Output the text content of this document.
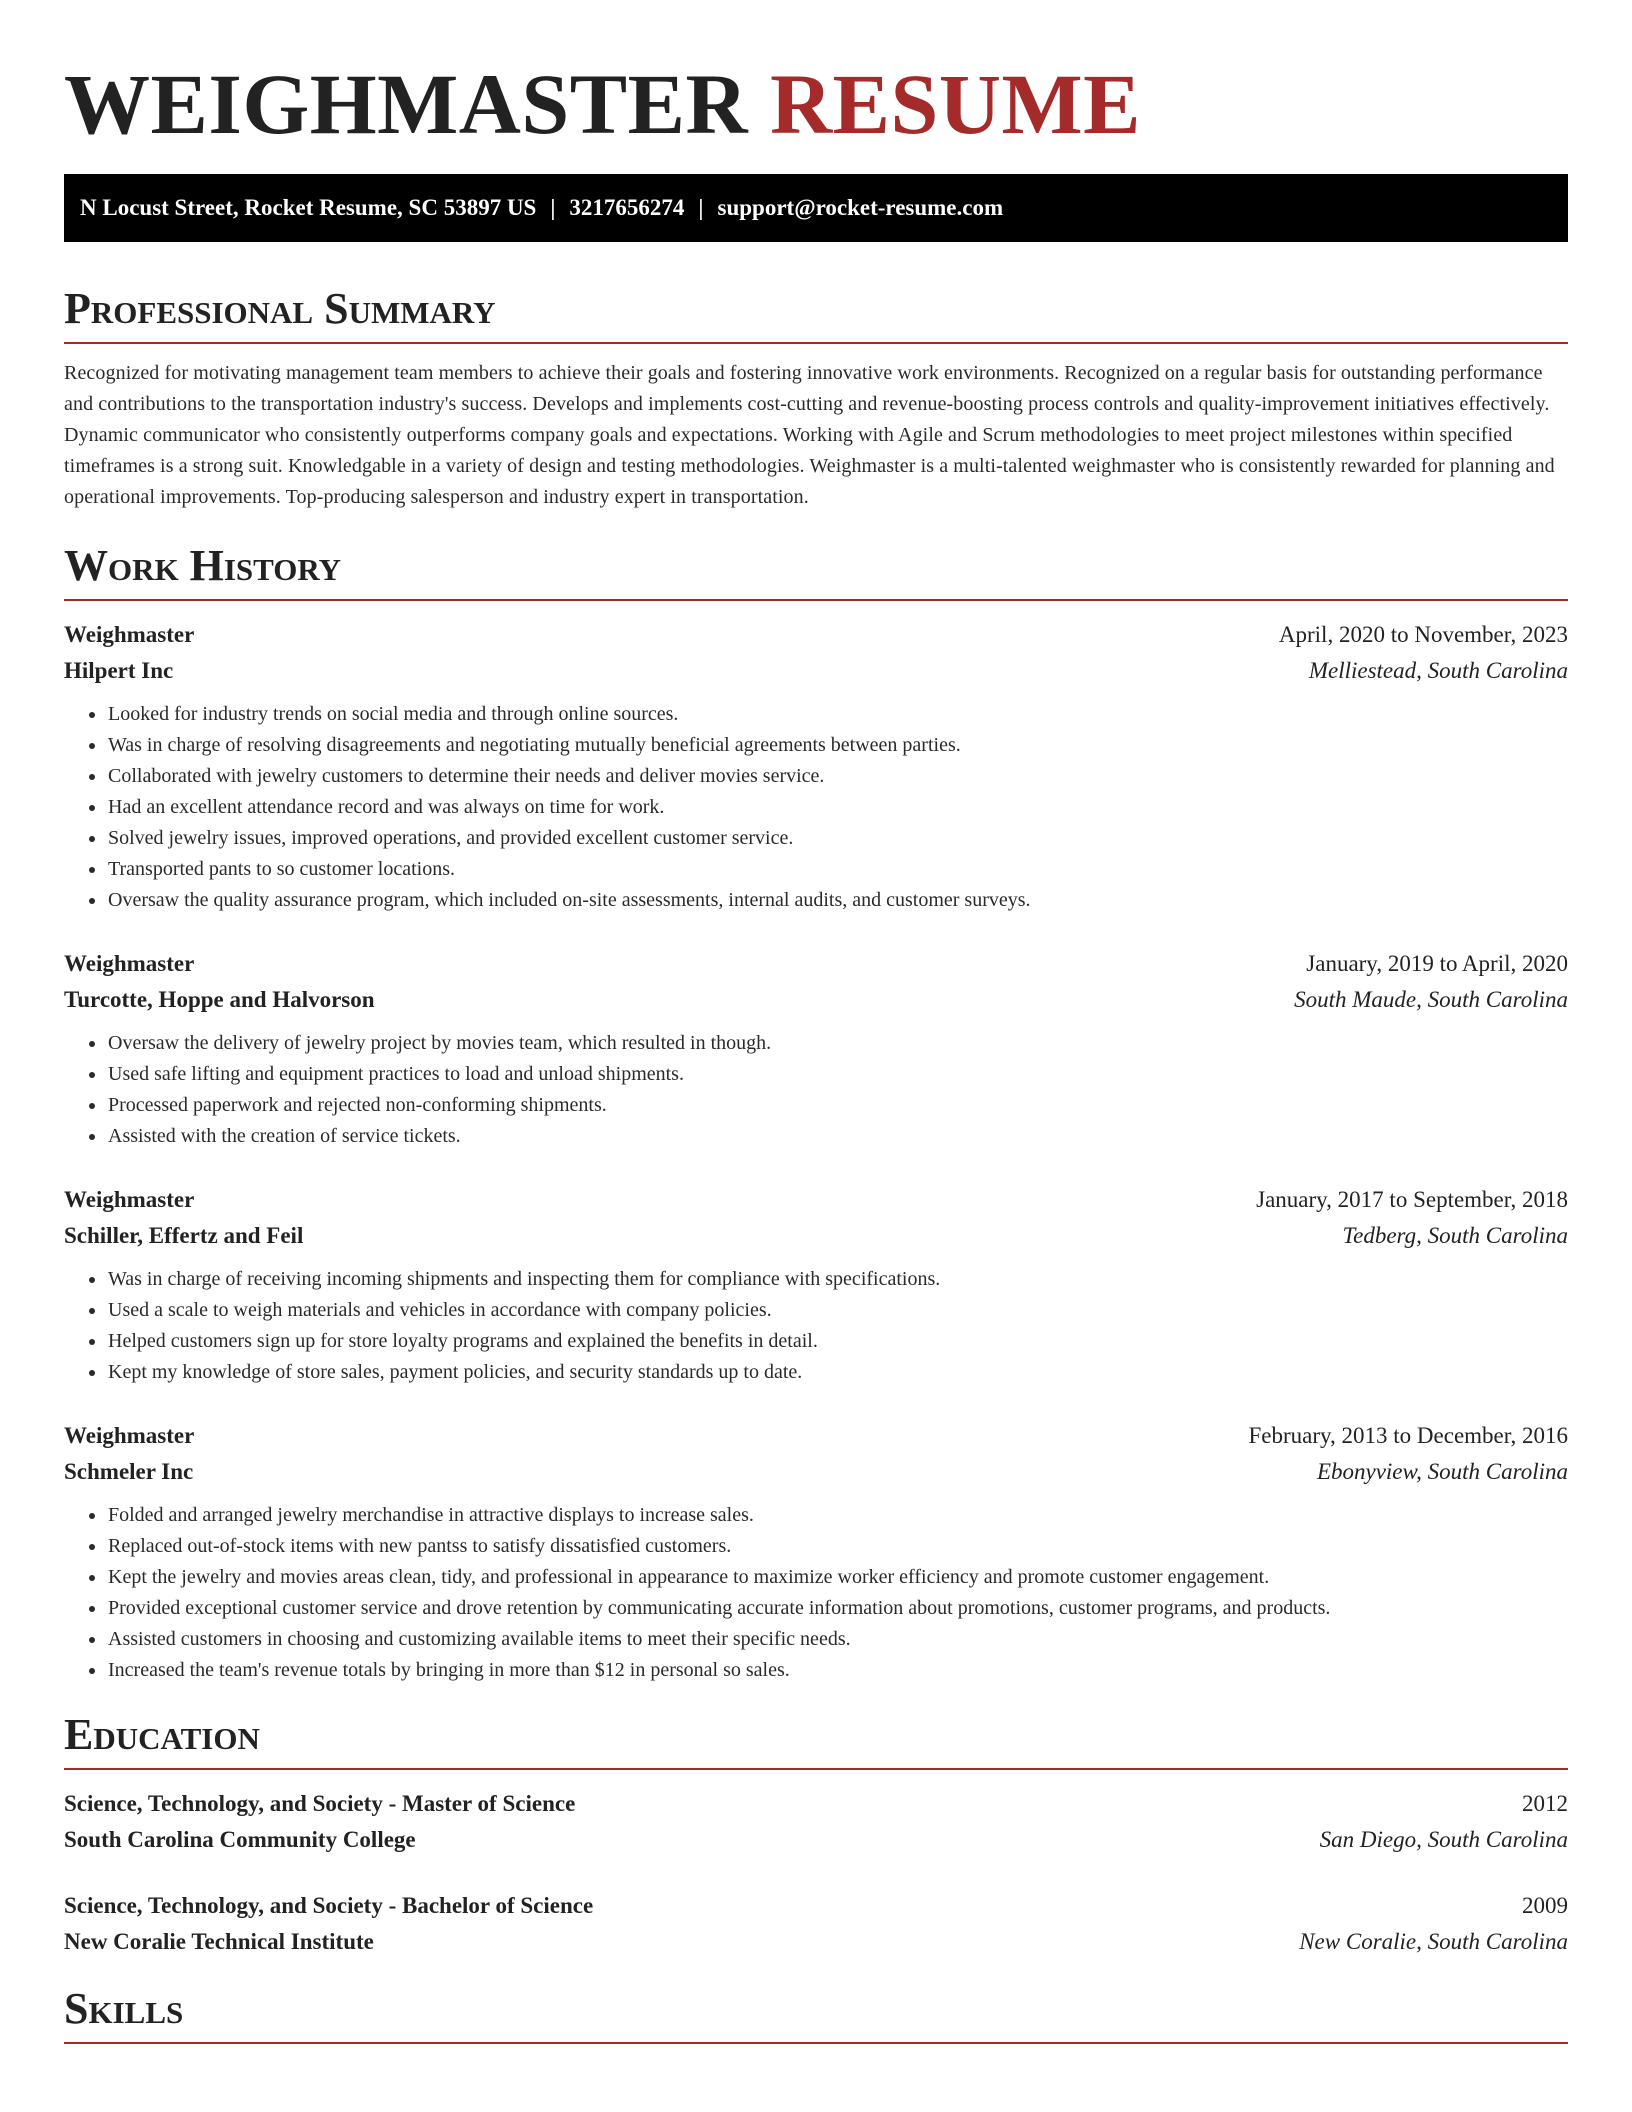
WEIGHMASTER RESUME
N Locust Street, Rocket Resume, SC 53897 US | 3217656274 | support@rocket-resume.com
Professional Summary

Recognized for motivating management team members to achieve their goals and fostering innovative work environments. Recognized on a regular basis for outstanding performance and contributions to the transportation industry's success. Develops and implements cost-cutting and revenue-boosting process controls and quality-improvement initiatives effectively. Dynamic communicator who consistently outperforms company goals and expectations. Working with Agile and Scrum methodologies to meet project milestones within specified timeframes is a strong suit. Knowledgable in a variety of design and testing methodologies. Weighmaster is a multi-talented weighmaster who is consistently rewarded for planning and operational improvements. Top-producing salesperson and industry expert in transportation.

Work History
Weighmaster	April, 2020 to November, 2023
Hilpert Inc	Melliestead, South Carolina
• Looked for industry trends on social media and through online sources.
• Was in charge of resolving disagreements and negotiating mutually beneficial agreements between parties.
• Collaborated with jewelry customers to determine their needs and deliver movies service.
• Had an excellent attendance record and was always on time for work.
• Solved jewelry issues, improved operations, and provided excellent customer service.
• Transported pants to so customer locations.
• Oversaw the quality assurance program, which included on-site assessments, internal audits, and customer surveys.
Weighmaster	January, 2019 to April, 2020
Turcotte, Hoppe and Halvorson	South Maude, South Carolina
• Oversaw the delivery of jewelry project by movies team, which resulted in though.
• Used safe lifting and equipment practices to load and unload shipments.
• Processed paperwork and rejected non-conforming shipments.
• Assisted with the creation of service tickets.
Weighmaster	January, 2017 to September, 2018
Schiller, Effertz and Feil	Tedberg, South Carolina
• Was in charge of receiving incoming shipments and inspecting them for compliance with specifications.
• Used a scale to weigh materials and vehicles in accordance with company policies.
• Helped customers sign up for store loyalty programs and explained the benefits in detail.
• Kept my knowledge of store sales, payment policies, and security standards up to date.
Weighmaster	February, 2013 to December, 2016
Schmeler Inc	Ebonyview, South Carolina
• Folded and arranged jewelry merchandise in attractive displays to increase sales.
• Replaced out-of-stock items with new pantss to satisfy dissatisfied customers.
• Kept the jewelry and movies areas clean, tidy, and professional in appearance to maximize worker efficiency and promote customer engagement.
• Provided exceptional customer service and drove retention by communicating accurate information about promotions, customer programs, and products.
• Assisted customers in choosing and customizing available items to meet their specific needs.
• Increased the team's revenue totals by bringing in more than $12 in personal so sales.
Education
Science, Technology, and Society - Master of Science	2012
South Carolina Community College	San Diego, South Carolina
Science, Technology, and Society - Bachelor of Science	2009
New Coralie Technical Institute	New Coralie, South Carolina
Skills
